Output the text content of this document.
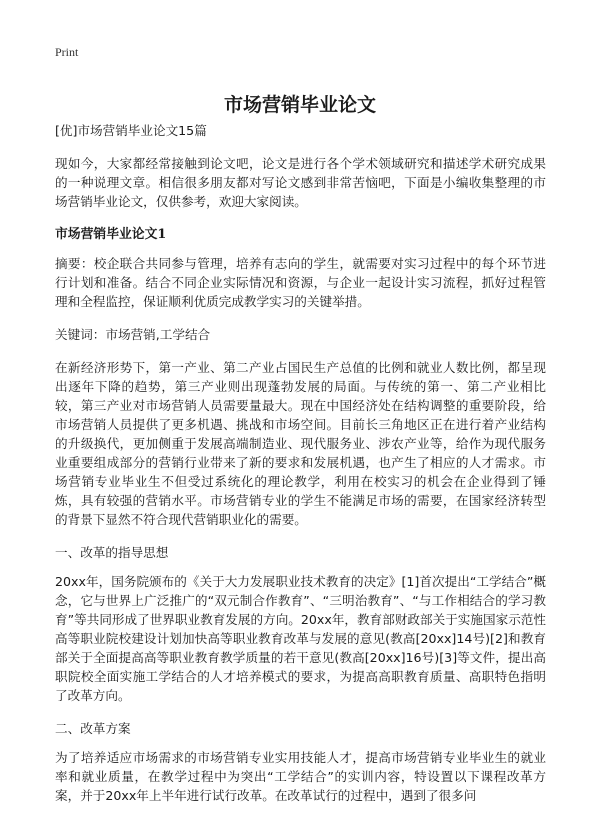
Print
市场营销毕业论文

[优]市场营销毕业论文15篇

现如今，大家都经常接触到论文吧，论文是进行各个学术领域研究和描述学术研究成果的一种说理文章。相信很多朋友都对写论文感到非常苦恼吧，下面是小编收集整理的市场营销毕业论文，仅供参考，欢迎大家阅读。

市场营销毕业论文1

摘要：校企联合共同参与管理，培养有志向的学生，就需要对实习过程中的每个环节进行计划和准备。结合不同企业实际情况和资源，与企业一起设计实习流程，抓好过程管理和全程监控，保证顺利优质完成教学实习的关键举措。

关键词：市场营销,工学结合

在新经济形势下，第一产业、第二产业占国民生产总值的比例和就业人数比例，都呈现出逐年下降的趋势，第三产业则出现蓬勃发展的局面。与传统的第一、第二产业相比较，第三产业对市场营销人员需要量最大。现在中国经济处在结构调整的重要阶段，给市场营销人员提供了更多机遇、挑战和市场空间。目前长三角地区正在进行着产业结构的升级换代，更加侧重于发展高端制造业、现代服务业、涉农产业等，给作为现代服务业重要组成部分的营销行业带来了新的要求和发展机遇，也产生了相应的人才需求。市场营销专业毕业生不但受过系统化的理论教学，利用在校实习的机会在企业得到了锤炼，具有较强的营销水平。市场营销专业的学生不能满足市场的需要，在国家经济转型的背景下显然不符合现代营销职业化的需要。

一、改革的指导思想

20xx年，国务院颁布的《关于大力发展职业技术教育的决定》[1]首次提出“工学结合”概念，它与世界上广泛推广的“双元制合作教育”、“三明治教育”、“与工作相结合的学习教育”等共同形成了世界职业教育发展的方向。20xx年，教育部财政部关于实施国家示范性高等职业院校建设计划加快高等职业教育改革与发展的意见(教高[20xx]14号)[2]和教育部关于全面提高高等职业教育教学质量的若干意见(教高[20xx]16号)[3]等文件，提出高职院校全面实施工学结合的人才培养模式的要求，为提高高职教育质量、高职特色指明了改革方向。

二、改革方案

为了培养适应市场需求的市场营销专业实用技能人才，提高市场营销专业毕业生的就业率和就业质量，在教学过程中为突出“工学结合”的实训内容，特设置以下课程改革方案，并于20xx年上半年进行试行改革。在改革试行的过程中，遇到了很多问
